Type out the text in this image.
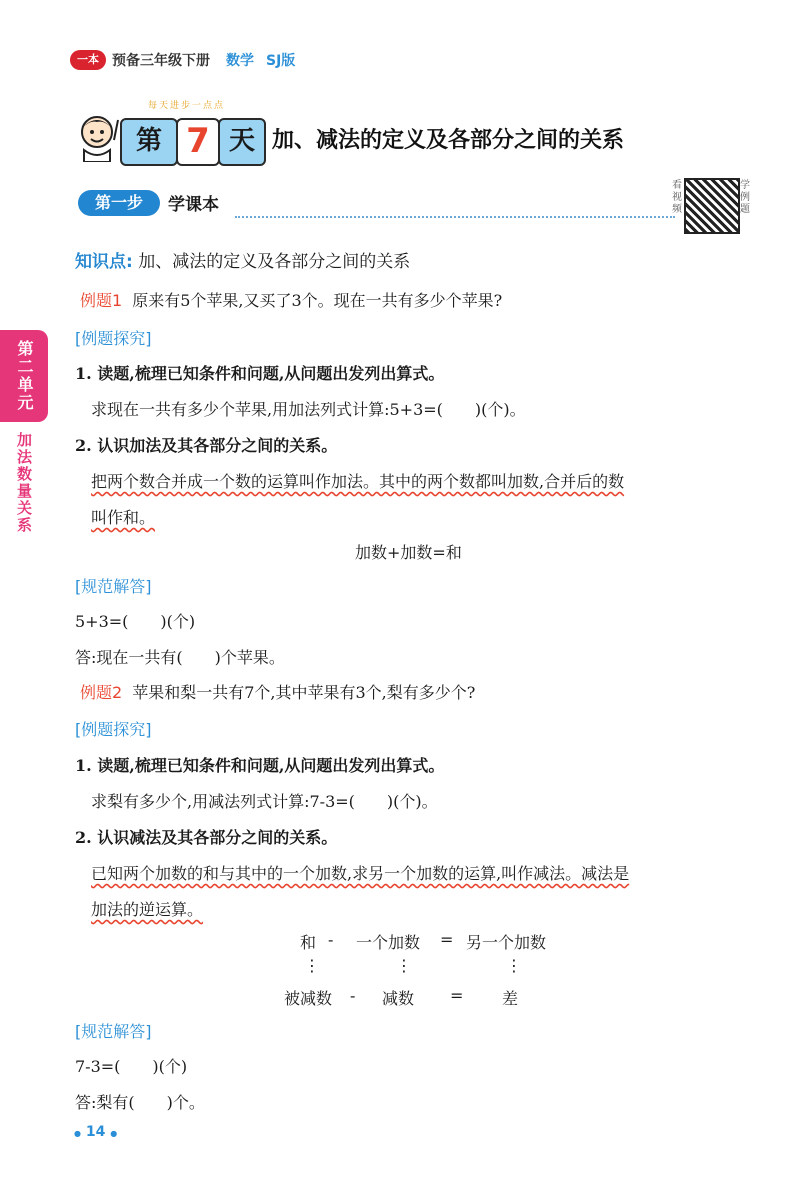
一本 预备三年级下册 数学 SJ版
每天进步一点点
第 7 天 加、减法的定义及各部分之间的关系
第一步	学课本
看视频
学例题
第二单元
加法数量关系
知识点: 加、减法的定义及各部分之间的关系
例题1 原来有5个苹果,又买了3个。现在一共有多少个苹果?
[例题探究]
1. 读题,梳理已知条件和问题,从问题出发列出算式。
求现在一共有多少个苹果,用加法列式计算:5+3=(　　)(个)。
2. 认识加法及其各部分之间的关系。
把两个数合并成一个数的运算叫作加法。其中的两个数都叫加数,合并后的数
叫作和。
加数+加数=和
[规范解答]
5+3=(　　)(个)
答:现在一共有(　　)个苹果。
例题2 苹果和梨一共有7个,其中苹果有3个,梨有多少个?
[例题探究]
1. 读题,梳理已知条件和问题,从问题出发列出算式。
求梨有多少个,用减法列式计算:7-3=(　　)(个)。
2. 认识减法及其各部分之间的关系。
已知两个加数的和与其中的一个加数,求另一个加数的运算,叫作减法。减法是
加法的逆运算。
和 - 一个加数 = 另一个加数
⋮	⋮	⋮
被减数 - 减数 = 差
[规范解答]
7-3=(　　)(个)
答:梨有(　　)个。
● 14 ●
